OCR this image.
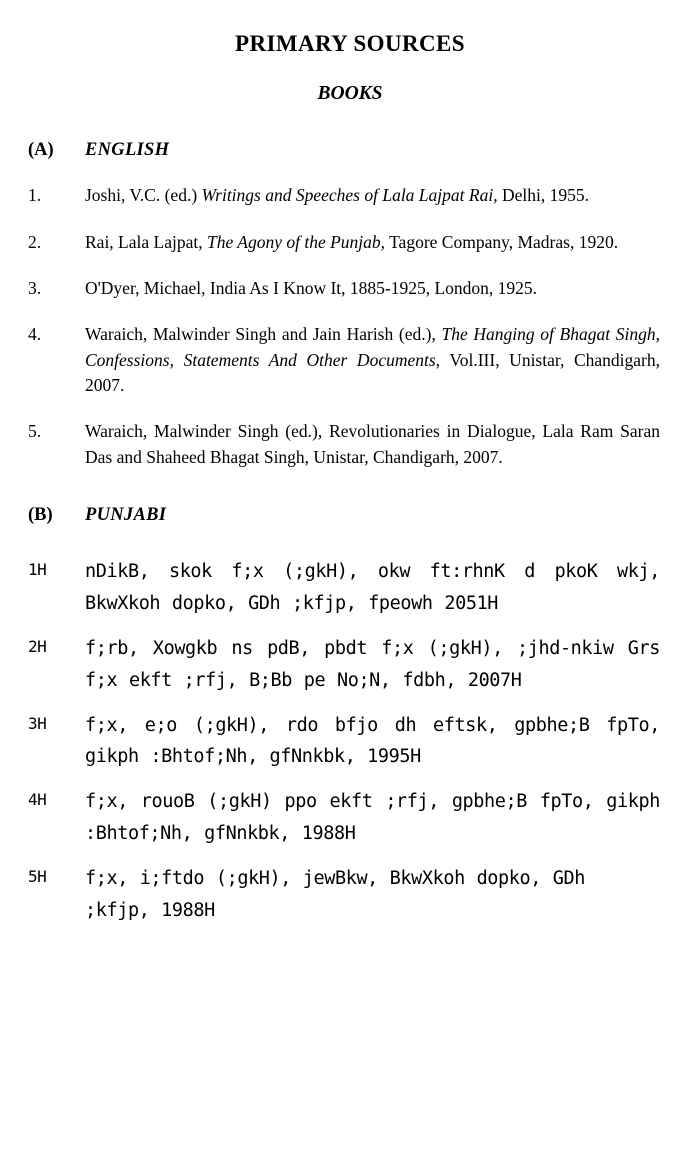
PRIMARY SOURCES
BOOKS
(A)	ENGLISH
1.	Joshi, V.C. (ed.) Writings and Speeches of Lala Lajpat Rai, Delhi, 1955.
2.	Rai, Lala Lajpat, The Agony of the Punjab, Tagore Company, Madras, 1920.
3.	O'Dyer, Michael, India As I Know It, 1885-1925, London, 1925.
4.	Waraich, Malwinder Singh and Jain Harish (ed.), The Hanging of Bhagat Singh, Confessions, Statements And Other Documents, Vol.III, Unistar, Chandigarh, 2007.
5.	Waraich, Malwinder Singh (ed.), Revolutionaries in Dialogue, Lala Ram Saran Das and Shaheed Bhagat Singh, Unistar, Chandigarh, 2007.
(B)	PUNJABI
1H	nDikB, skok f;x (;gkH), okw ft:rhnK d pkoK wkj, BkwXkoh dopko, GDh ;kfjp, fpeowh 2051H
2H	f;rb, Xowgkb ns pdB, pbdt f;x (;gkH), ;jhd-nkiw Grs f;x ekft ;rfj, B;Bb pe No;N, fdbh, 2007H
3H	f;x, e;o (;gkH), rdo bfjo dh eftsk, gpbhe;B fpTo, gikph :Bhtof;Nh, gfNnkbk, 1995H
4H	f;x, rouoB (;gkH) ppo ekft ;rfj, gpbhe;B fpTo, gikph :Bhtof;Nh, gfNnkbk, 1988H
5H	f;x, i;ftdo (;gkH), jewBkw, BkwXkoh dopko, GDh ;kfjp, 1988H
